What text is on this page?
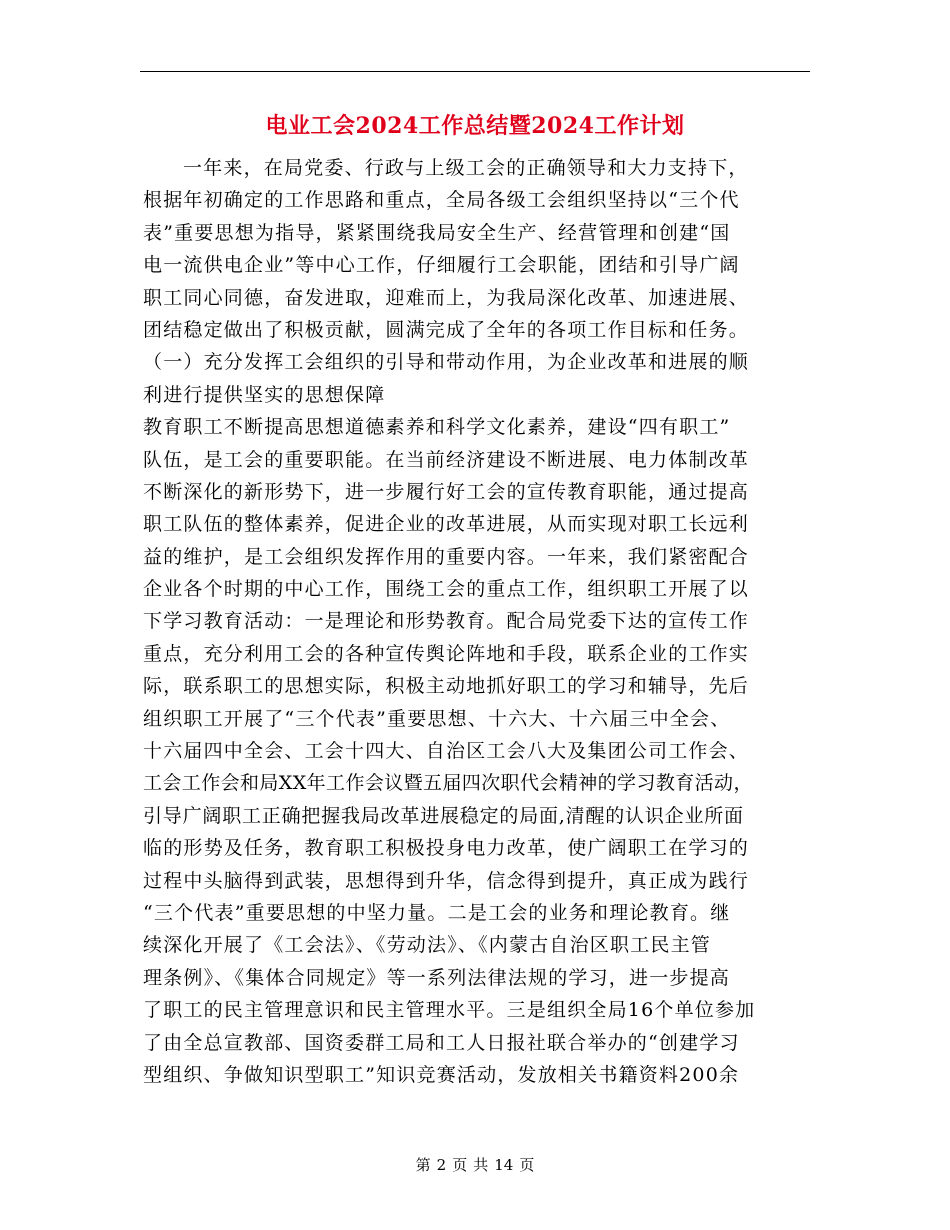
电业工会2024工作总结暨2024工作计划
一年来，在局党委、行政与上级工会的正确领导和大力支持下，
根据年初确定的工作思路和重点，全局各级工会组织坚持以“三个代
表”重要思想为指导，紧紧围绕我局安全生产、经营管理和创建“国
电一流供电企业”等中心工作，仔细履行工会职能，团结和引导广阔
职工同心同德，奋发进取，迎难而上，为我局深化改革、加速进展、
团结稳定做出了积极贡献，圆满完成了全年的各项工作目标和任务。
（一）充分发挥工会组织的引导和带动作用，为企业改革和进展的顺
利进行提供坚实的思想保障
教育职工不断提高思想道德素养和科学文化素养，建设“四有职工”
队伍，是工会的重要职能。在当前经济建设不断进展、电力体制改革
不断深化的新形势下，进一步履行好工会的宣传教育职能，通过提高
职工队伍的整体素养，促进企业的改革进展，从而实现对职工长远利
益的维护，是工会组织发挥作用的重要内容。一年来，我们紧密配合
企业各个时期的中心工作，围绕工会的重点工作，组织职工开展了以
下学习教育活动：一是理论和形势教育。配合局党委下达的宣传工作
重点，充分利用工会的各种宣传舆论阵地和手段，联系企业的工作实
际，联系职工的思想实际，积极主动地抓好职工的学习和辅导，先后
组织职工开展了“三个代表”重要思想、十六大、十六届三中全会、
十六届四中全会、工会十四大、自治区工会八大及集团公司工作会、
工会工作会和局XX年工作会议暨五届四次职代会精神的学习教育活动，
引导广阔职工正确把握我局改革进展稳定的局面,清醒的认识企业所面
临的形势及任务，教育职工积极投身电力改革，使广阔职工在学习的
过程中头脑得到武装，思想得到升华，信念得到提升，真正成为践行
“三个代表”重要思想的中坚力量。二是工会的业务和理论教育。继
续深化开展了《工会法》、《劳动法》、《内蒙古自治区职工民主管
理条例》、《集体合同规定》等一系列法律法规的学习，进一步提高
了职工的民主管理意识和民主管理水平。三是组织全局16个单位参加
了由全总宣教部、国资委群工局和工人日报社联合举办的“创建学习
型组织、争做知识型职工”知识竞赛活动，发放相关书籍资料200余
第 2 页 共 14 页
